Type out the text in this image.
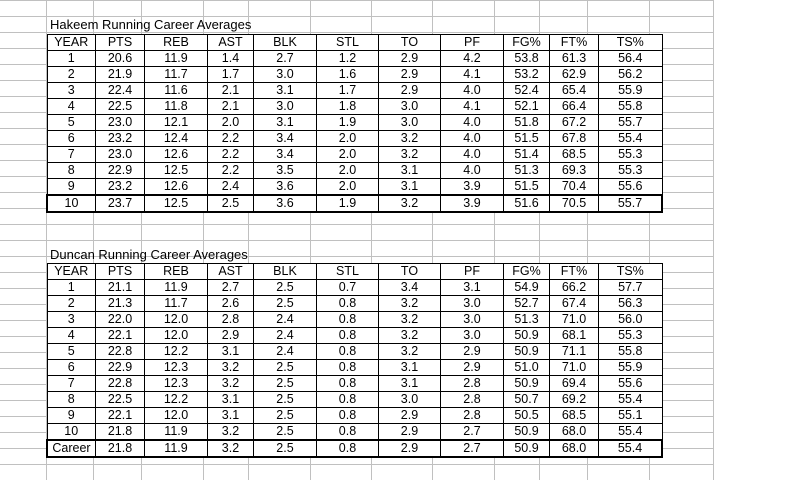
Hakeem Running Career Averages
YEAR	PTS	REB	AST	BLK	STL	TO	PF	FG%	FT%	TS%
1	20.6	11.9	1.4	2.7	1.2	2.9	4.2	53.8	61.3	56.4
2	21.9	11.7	1.7	3.0	1.6	2.9	4.1	53.2	62.9	56.2
3	22.4	11.6	2.1	3.1	1.7	2.9	4.0	52.4	65.4	55.9
4	22.5	11.8	2.1	3.0	1.8	3.0	4.1	52.1	66.4	55.8
5	23.0	12.1	2.0	3.1	1.9	3.0	4.0	51.8	67.2	55.7
6	23.2	12.4	2.2	3.4	2.0	3.2	4.0	51.5	67.8	55.4
7	23.0	12.6	2.2	3.4	2.0	3.2	4.0	51.4	68.5	55.3
8	22.9	12.5	2.2	3.5	2.0	3.1	4.0	51.3	69.3	55.3
9	23.2	12.6	2.4	3.6	2.0	3.1	3.9	51.5	70.4	55.6
10	23.7	12.5	2.5	3.6	1.9	3.2	3.9	51.6	70.5	55.7
Duncan Running Career Averages
YEAR	PTS	REB	AST	BLK	STL	TO	PF	FG%	FT%	TS%
1	21.1	11.9	2.7	2.5	0.7	3.4	3.1	54.9	66.2	57.7
2	21.3	11.7	2.6	2.5	0.8	3.2	3.0	52.7	67.4	56.3
3	22.0	12.0	2.8	2.4	0.8	3.2	3.0	51.3	71.0	56.0
4	22.1	12.0	2.9	2.4	0.8	3.2	3.0	50.9	68.1	55.3
5	22.8	12.2	3.1	2.4	0.8	3.2	2.9	50.9	71.1	55.8
6	22.9	12.3	3.2	2.5	0.8	3.1	2.9	51.0	71.0	55.9
7	22.8	12.3	3.2	2.5	0.8	3.1	2.8	50.9	69.4	55.6
8	22.5	12.2	3.1	2.5	0.8	3.0	2.8	50.7	69.2	55.4
9	22.1	12.0	3.1	2.5	0.8	2.9	2.8	50.5	68.5	55.1
10	21.8	11.9	3.2	2.5	0.8	2.9	2.7	50.9	68.0	55.4
Career	21.8	11.9	3.2	2.5	0.8	2.9	2.7	50.9	68.0	55.4
